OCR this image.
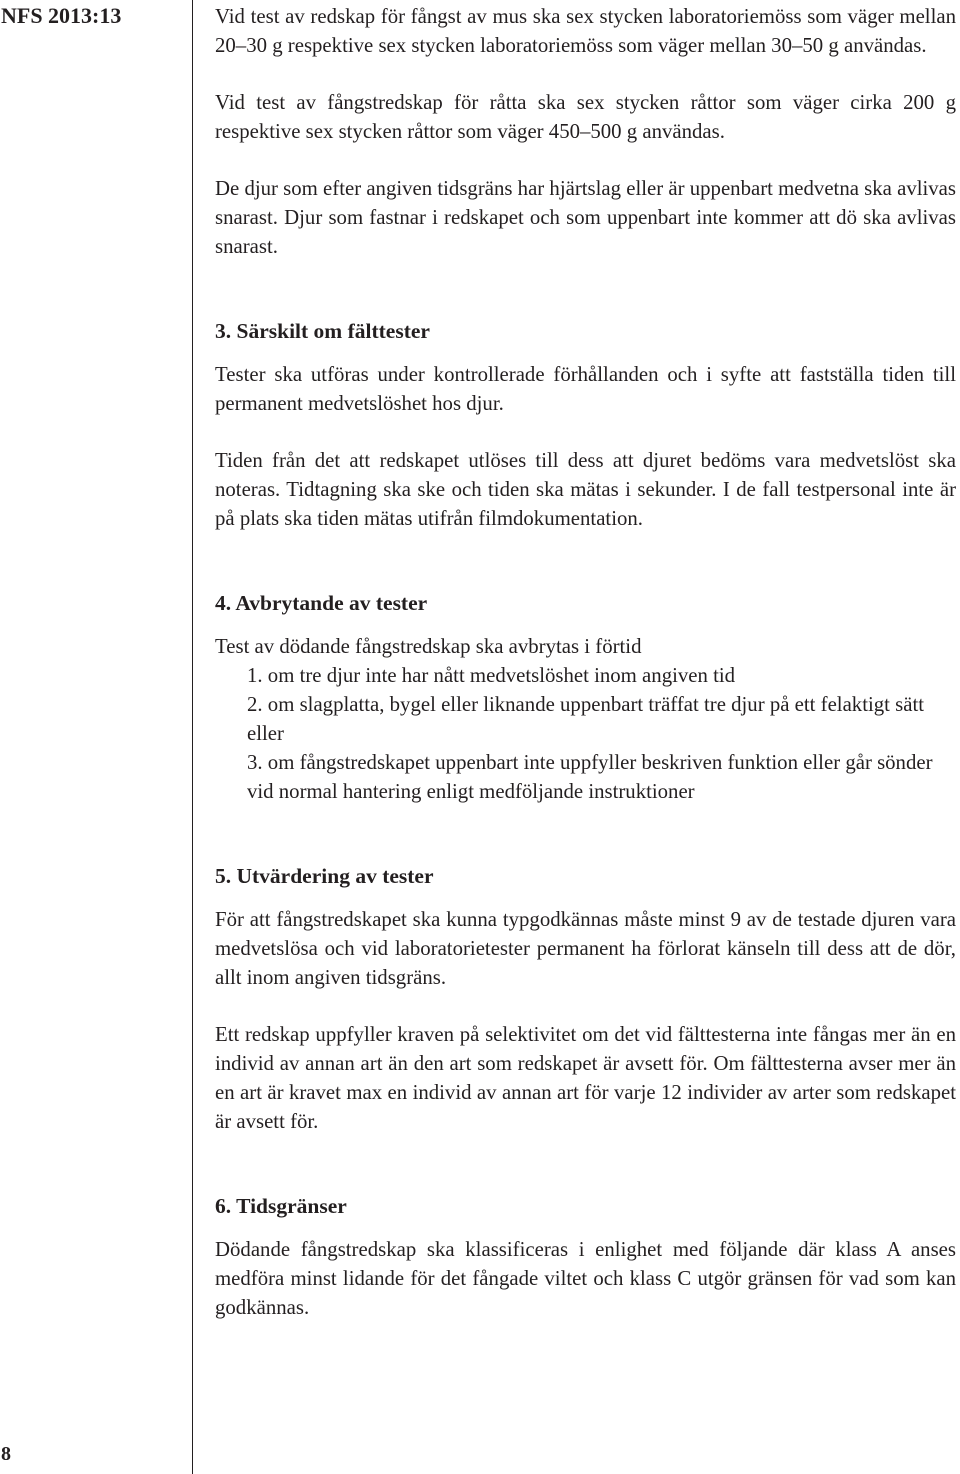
NFS 2013:13
8

Vid test av redskap för fångst av mus ska sex stycken laboratoriemöss som väger mellan 20–30 g respektive sex stycken laboratoriemöss som väger mellan 30–50 g användas.

Vid test av fångstredskap för råtta ska sex stycken råttor som väger cirka 200 g respektive sex stycken råttor som väger 450–500 g användas.

De djur som efter angiven tidsgräns har hjärtslag eller är uppenbart medvetna ska avlivas snarast. Djur som fastnar i redskapet och som uppenbart inte kommer att dö ska avlivas snarast.

3. Särskilt om fälttester

Tester ska utföras under kontrollerade förhållanden och i syfte att fastställa tiden till permanent medvetslöshet hos djur.

Tiden från det att redskapet utlöses till dess att djuret bedöms vara medvetslöst ska noteras. Tidtagning ska ske och tiden ska mätas i sekunder. I de fall testpersonal inte är på plats ska tiden mätas utifrån filmdokumentation.

4. Avbrytande av tester

Test av dödande fångstredskap ska avbrytas i förtid

1. om tre djur inte har nått medvetslöshet inom angiven tid
2. om slagplatta, bygel eller liknande uppenbart träffat tre djur på ett felaktigt sätt eller
3. om fångstredskapet uppenbart inte uppfyller beskriven funktion eller går sönder vid normal hantering enligt medföljande instruktioner
5. Utvärdering av tester

För att fångstredskapet ska kunna typgodkännas måste minst 9 av de testade djuren vara medvetslösa och vid laboratorietester permanent ha förlorat känseln till dess att de dör, allt inom angiven tidsgräns.

Ett redskap uppfyller kraven på selektivitet om det vid fälttesterna inte fångas mer än en individ av annan art än den art som redskapet är avsett för. Om fälttesterna avser mer än en art är kravet max en individ av annan art för varje 12 individer av arter som redskapet är avsett för.

6. Tidsgränser

Dödande fångstredskap ska klassificeras i enlighet med följande där klass A anses medföra minst lidande för det fångade viltet och klass C utgör gränsen för vad som kan godkännas.
